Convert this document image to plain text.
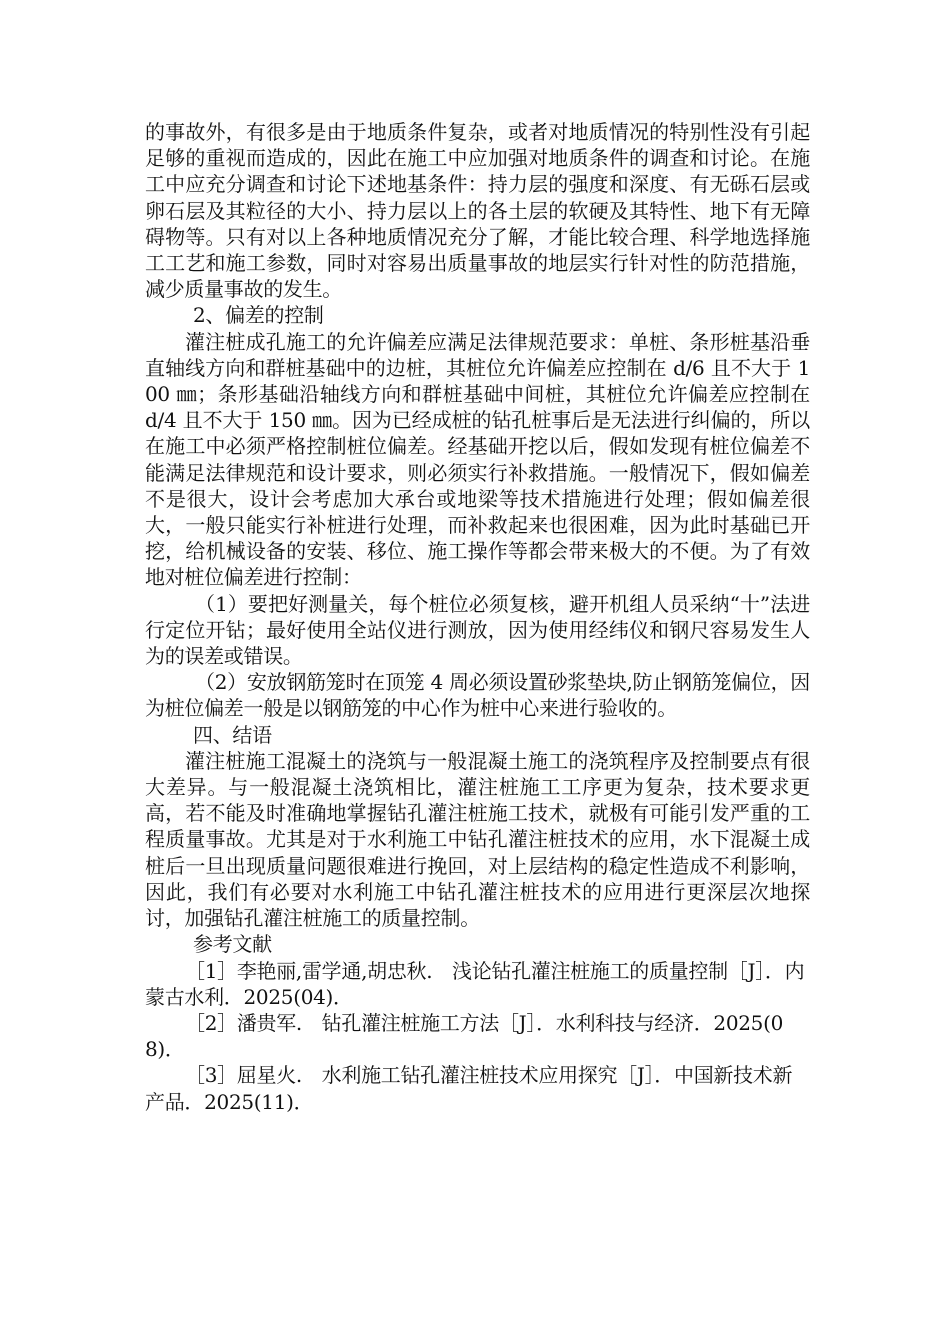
的事故外，有很多是由于地质条件复杂，或者对地质情况的特别性没有引起足够的重视而造成的，因此在施工中应加强对地质条件的调查和讨论。在施工中应充分调查和讨论下述地基条件：持力层的强度和深度、有无砾石层或卵石层及其粒径的大小、持力层以上的各土层的软硬及其特性、地下有无障碍物等。只有对以上各种地质情况充分了解，才能比较合理、科学地选择施工工艺和施工参数，同时对容易出质量事故的地层实行针对性的防范措施，减少质量事故的发生。

2、偏差的控制

灌注桩成孔施工的允许偏差应满足法律规范要求：单桩、条形桩基沿垂直轴线方向和群桩基础中的边桩，其桩位允许偏差应控制在 d/6 且不大于 100 ㎜；条形基础沿轴线方向和群桩基础中间桩，其桩位允许偏差应控制在 d/4 且不大于 150 ㎜。因为已经成桩的钻孔桩事后是无法进行纠偏的，所以在施工中必须严格控制桩位偏差。经基础开挖以后，假如发现有桩位偏差不能满足法律规范和设计要求，则必须实行补救措施。一般情况下，假如偏差不是很大，设计会考虑加大承台或地梁等技术措施进行处理；假如偏差很大，一般只能实行补桩进行处理，而补救起来也很困难，因为此时基础已开挖，给机械设备的安装、移位、施工操作等都会带来极大的不便。为了有效地对桩位偏差进行控制：

（1）要把好测量关，每个桩位必须复核，避开机组人员采纳“十”法进行定位开钻；最好使用全站仪进行测放，因为使用经纬仪和钢尺容易发生人为的误差或错误。

（2）安放钢筋笼时在顶笼 4 周必须设置砂浆垫块,防止钢筋笼偏位，因为桩位偏差一般是以钢筋笼的中心作为桩中心来进行验收的。

四、结语

灌注桩施工混凝土的浇筑与一般混凝土施工的浇筑程序及控制要点有很大差异。与一般混凝土浇筑相比，灌注桩施工工序更为复杂，技术要求更高，若不能及时准确地掌握钻孔灌注桩施工技术，就极有可能引发严重的工程质量事故。尤其是对于水利施工中钻孔灌注桩技术的应用，水下混凝土成桩后一旦出现质量问题很难进行挽回，对上层结构的稳定性造成不利影响，因此，我们有必要对水利施工中钻孔灌注桩技术的应用进行更深层次地探讨，加强钻孔灌注桩施工的质量控制。

参考文献

［1］李艳丽,雷学通,胡忠秋.　浅论钻孔灌注桩施工的质量控制［J］．内蒙古水利．2025(04)．

［2］潘贵军.　钻孔灌注桩施工方法［J］．水利科技与经济．2025(08)．

［3］屈星火.　水利施工钻孔灌注桩技术应用探究［J］．中国新技术新产品．2025(11)．
